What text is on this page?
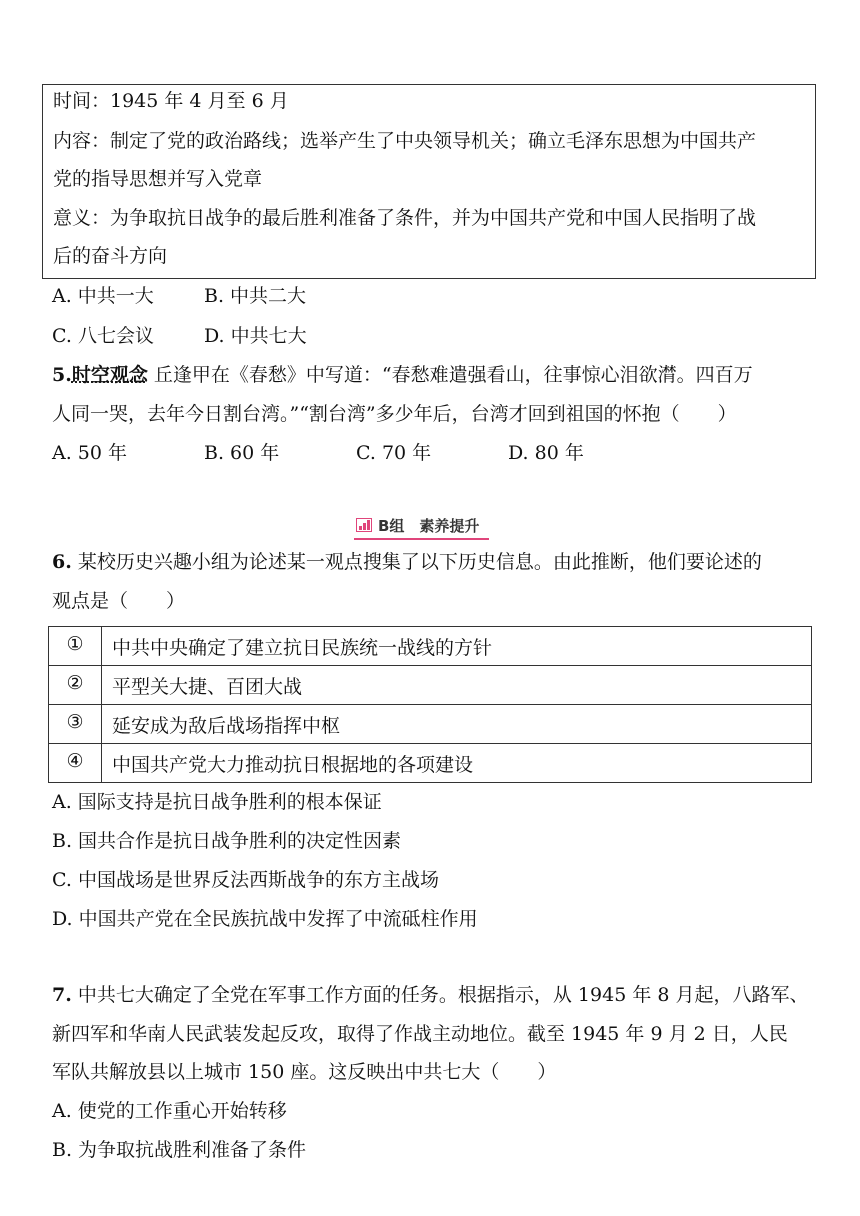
时间：1945 年 4 月至 6 月
内容：制定了党的政治路线；选举产生了中央领导机关；确立毛泽东思想为中国共产
党的指导思想并写入党章
意义：为争取抗日战争的最后胜利准备了条件，并为中国共产党和中国人民指明了战
后的奋斗方向
A. 中共一大	B. 中共二大
C. 八七会议	D. 中共七大
5.时空观念 丘逢甲在《春愁》中写道：“春愁难遣强看山，往事惊心泪欲潸。四百万
人同一哭，去年今日割台湾。”“割台湾”多少年后，台湾才回到祖国的怀抱（　　）
A. 50 年	B. 60 年	C. 70 年	D. 80 年
B组　素养提升
6. 某校历史兴趣小组为论述某一观点搜集了以下历史信息。由此推断，他们要论述的
观点是（　　）
①	中共中央确定了建立抗日民族统一战线的方针
②	平型关大捷、百团大战
③	延安成为敌后战场指挥中枢
④	中国共产党大力推动抗日根据地的各项建设
A. 国际支持是抗日战争胜利的根本保证
B. 国共合作是抗日战争胜利的决定性因素
C. 中国战场是世界反法西斯战争的东方主战场
D. 中国共产党在全民族抗战中发挥了中流砥柱作用
7. 中共七大确定了全党在军事工作方面的任务。根据指示，从 1945 年 8 月起，八路军、
新四军和华南人民武装发起反攻，取得了作战主动地位。截至 1945 年 9 月 2 日，人民
军队共解放县以上城市 150 座。这反映出中共七大（　　）
A. 使党的工作重心开始转移
B. 为争取抗战胜利准备了条件
